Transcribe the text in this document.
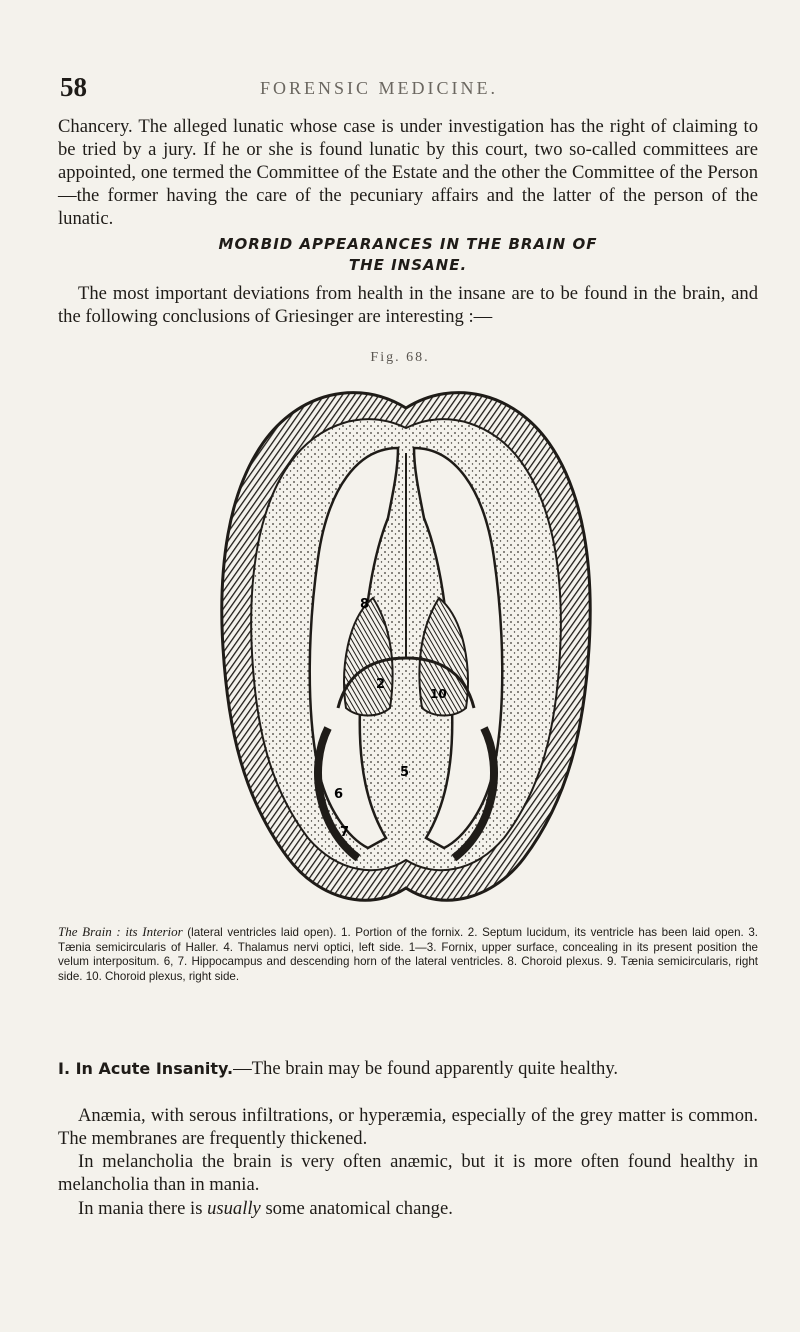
58	FORENSIC MEDICINE.

Chancery. The alleged lunatic whose case is under investigation has the right of claiming to be tried by a jury. If he or she is found lunatic by this court, two so-called committees are appointed, one termed the Committee of the Estate and the other the Committee of the Person—the former having the care of the pecuniary affairs and the latter of the person of the lunatic.

MORBID APPEARANCES IN THE BRAIN OF
THE INSANE.

The most important deviations from health in the insane are to be found in the brain, and the following conclusions of Griesinger are interesting :—

Fig. 68.
8
2
10
5
6
7

The Brain : its Interior (lateral ventricles laid open). 1. Portion of the fornix. 2. Septum lucidum, its ventricle has been laid open. 3. Tænia semicircularis of Haller. 4. Thalamus nervi optici, left side. 1—3. Fornix, upper surface, concealing in its present position the velum interpositum. 6, 7. Hippocampus and descending horn of the lateral ventricles. 8. Choroid plexus. 9. Tænia semicircularis, right side. 10. Choroid plexus, right side.

I. In Acute Insanity.—The brain may be found apparently quite healthy.

Anæmia, with serous infiltrations, or hyperæmia, especially of the grey matter is common. The membranes are frequently thickened.

In melancholia the brain is very often anæmic, but it is more often found healthy in melancholia than in mania.

In mania there is usually some anatomical change.
